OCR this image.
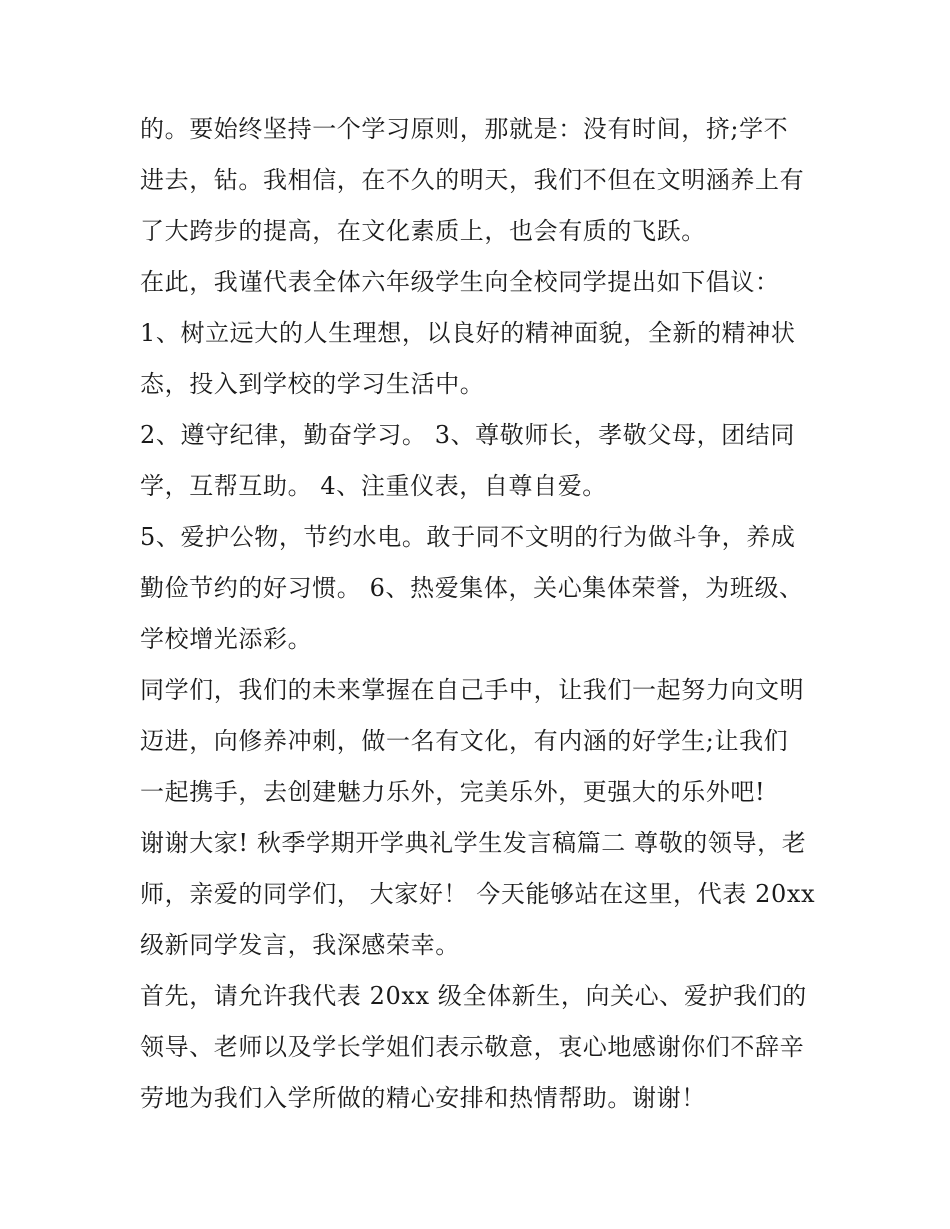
的。要始终坚持一个学习原则，那就是：没有时间，挤;学不

进去，钻。我相信，在不久的明天，我们不但在文明涵养上有

了大跨步的提高，在文化素质上，也会有质的飞跃。

在此，我谨代表全体六年级学生向全校同学提出如下倡议：

1、树立远大的人生理想，以良好的精神面貌，全新的精神状

态，投入到学校的学习生活中。

2、遵守纪律，勤奋学习。 3、尊敬师长，孝敬父母，团结同

学，互帮互助。 4、注重仪表，自尊自爱。

5、爱护公物，节约水电。敢于同不文明的行为做斗争，养成

勤俭节约的好习惯。 6、热爱集体，关心集体荣誉，为班级、

学校增光添彩。

同学们，我们的未来掌握在自己手中，让我们一起努力向文明

迈进，向修养冲刺，做一名有文化，有内涵的好学生;让我们

一起携手，去创建魅力乐外，完美乐外，更强大的乐外吧!

谢谢大家! 秋季学期开学典礼学生发言稿篇二 尊敬的领导，老

师，亲爱的同学们， 大家好！ 今天能够站在这里，代表 20xx

级新同学发言，我深感荣幸。

首先，请允许我代表 20xx 级全体新生，向关心、爱护我们的

领导、老师以及学长学姐们表示敬意，衷心地感谢你们不辞辛

劳地为我们入学所做的精心安排和热情帮助。谢谢！
